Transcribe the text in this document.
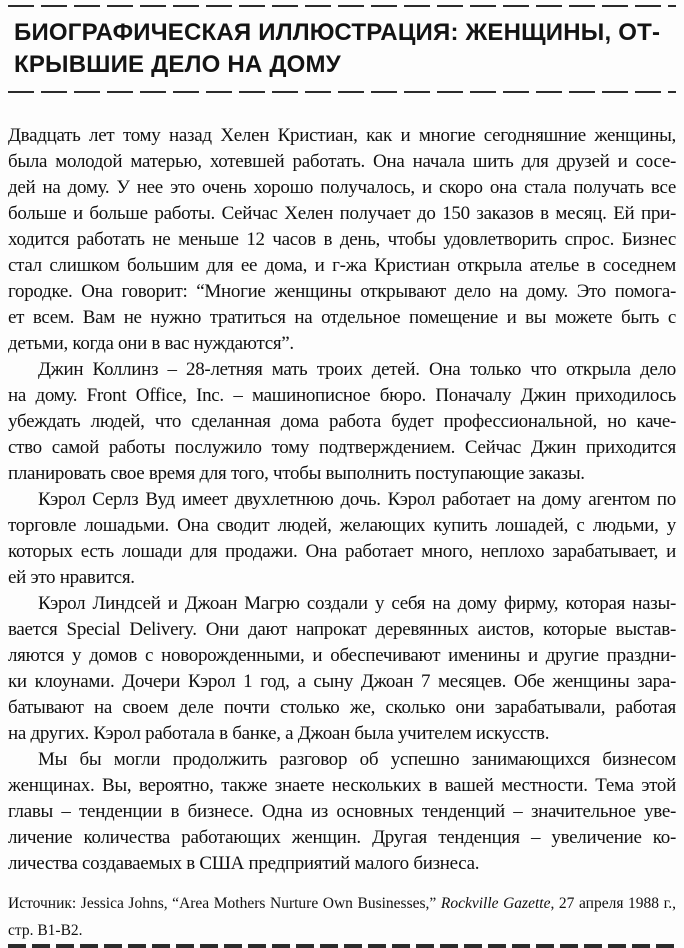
БИОГРАФИЧЕСКАЯ ИЛЛЮСТРАЦИЯ: ЖЕНЩИНЫ, ОТ-
КРЫВШИЕ ДЕЛО НА ДОМУ
Двадцать лет тому назад Хелен Кристиан, как и многие сегодняшние женщины,
была молодой матерью, хотевшей работать. Она начала шить для друзей и сосе-
дей на дому. У нее это очень хорошо получалось, и скоро она стала получать все
больше и больше работы. Сейчас Хелен получает до 150 заказов в месяц. Ей при-
ходится работать не меньше 12 часов в день, чтобы удовлетворить спрос. Бизнес
стал слишком большим для ее дома, и г-жа Кристиан открыла ателье в соседнем
городке. Она говорит: “Многие женщины открывают дело на дому. Это помога-
ет всем. Вам не нужно тратиться на отдельное помещение и вы можете быть с
детьми, когда они в вас нуждаются”.
Джин Коллинз – 28-летняя мать троих детей. Она только что открыла дело
на дому. Front Office, Inc. – машинописное бюро. Поначалу Джин приходилось
убеждать людей, что сделанная дома работа будет профессиональной, но каче-
ство самой работы послужило тому подтверждением. Сейчас Джин приходится
планировать свое время для того, чтобы выполнить поступающие заказы.
Кэрол Серлз Вуд имеет двухлетнюю дочь. Кэрол работает на дому агентом по
торговле лошадьми. Она сводит людей, желающих купить лошадей, с людьми, у
которых есть лошади для продажи. Она работает много, неплохо зарабатывает, и
ей это нравится.
Кэрол Линдсей и Джоан Магрю создали у себя на дому фирму, которая назы-
вается Special Delivery. Они дают напрокат деревянных аистов, которые выстав-
ляются у домов с новорожденными, и обеспечивают именины и другие праздни-
ки клоунами. Дочери Кэрол 1 год, а сыну Джоан 7 месяцев. Обе женщины зара-
батывают на своем деле почти столько же, сколько они зарабатывали, работая
на других. Кэрол работала в банке, а Джоан была учителем искусств.
Мы бы могли продолжить разговор об успешно занимающихся бизнесом
женщинах. Вы, вероятно, также знаете нескольких в вашей местности. Тема этой
главы – тенденции в бизнесе. Одна из основных тенденций – значительное уве-
личение количества работающих женщин. Другая тенденция – увеличение ко-
личества создаваемых в США предприятий малого бизнеса.
Источник: Jessica Johns, “Area Mothers Nurture Own Businesses,” Rockville Gazette, 27 апреля 1988 г., стр. B1-B2.
